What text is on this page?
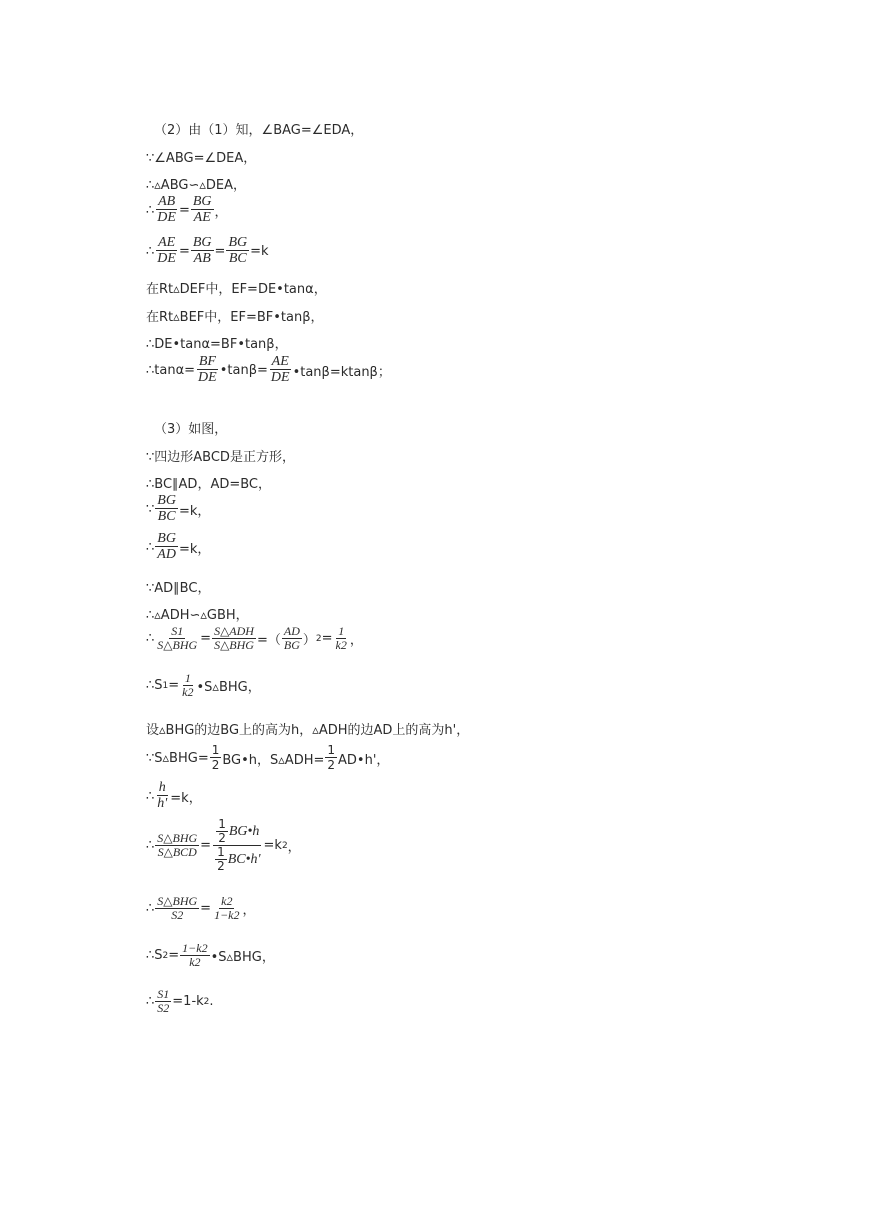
（2）由（1）知，∠BAG=∠EDA，
∵∠ABG=∠DEA，
∴▵ABG∽▵DEA，
∴ $\frac{AB}{DE} = \frac{BG}{AE}$ ，
∴ $\frac{AE}{DE} = \frac{BG}{AB} = \frac{BG}{BC} =k$
在Rt▵DEF中，EF=DE•tanα，
在Rt▵BEF中，EF=BF•tanβ，
∴DE•tanα=BF•tanβ，
∴tanα= $\frac{BF}{DE}$ •tanβ= $\frac{AE}{DE}$ •tanβ=ktanβ；
（3）如图，
∵四边形ABCD是正方形，
∴BC∥AD，AD=BC，
∵ $\frac{BG}{BC} =k$，
∴ $\frac{BG}{AD} =k$，
∵AD∥BC，
∴▵ADH∽▵GBH，
∴ $\frac{S1}{\text{S△BHG}} = \frac{\text{S△ADH}}{\text{S△BHG}}$ =（ $\frac{AD}{BG}$ ） $2 = \frac{1}{k2}$ ，
∴S $1 = \frac{1}{k2}$ •S▵BHG，
设▵BHG的边BG上的高为h，▵ADH的边AD上的高为h'，
∵S▵BHG= $\frac{1}{2}$ BG•h，S▵ADH= $\frac{1}{2}$ AD•h'，
∴ $\frac{h}{h'} =k$，
∴ $\frac{\text{S△BHG}}{\text{S△BCD}} = \frac{\frac{1}{2} BG•h}{\frac{1}{2} BC•h'} =k$ 2 ，
∴ $\frac{\text{S△BHG}}{S2} = \frac{k2}{1-k2}$ ，
∴S $2 = \frac{1-k2}{k2}$ •S▵BHG，
∴ $\frac{S1}{S2} =1-k$ 2 .
